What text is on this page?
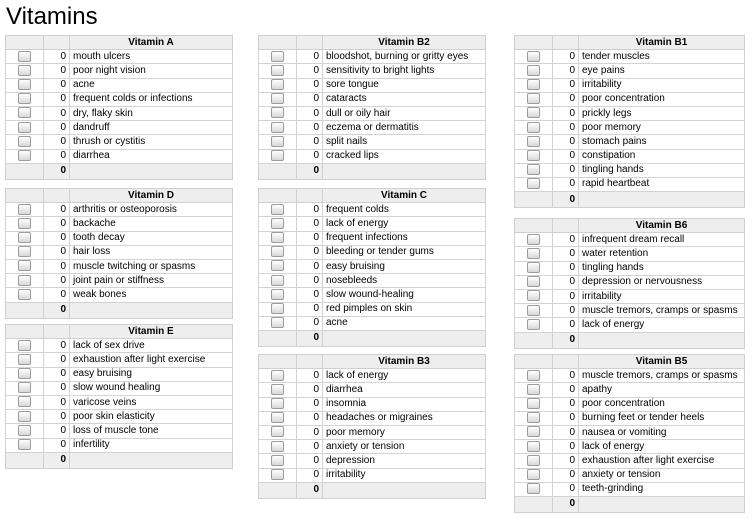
Vitamins
		Vitamin A
	0	mouth ulcers
	0	poor night vision
	0	acne
	0	frequent colds or infections
	0	dry, flaky skin
	0	dandruff
	0	thrush or cystitis
	0	diarrhea
	0	
		Vitamin D
	0	arthritis or osteoporosis
	0	backache
	0	tooth decay
	0	hair loss
	0	muscle twitching or spasms
	0	joint pain or stiffness
	0	weak bones
	0	
		Vitamin E
	0	lack of sex drive
	0	exhaustion after light exercise
	0	easy bruising
	0	slow wound healing
	0	varicose veins
	0	poor skin elasticity
	0	loss of muscle tone
	0	infertility
	0	
		Vitamin B2
	0	bloodshot, burning or gritty eyes
	0	sensitivity to bright lights
	0	sore tongue
	0	cataracts
	0	dull or oily hair
	0	eczema or dermatitis
	0	split nails
	0	cracked lips
	0	
		Vitamin C
	0	frequent colds
	0	lack of energy
	0	frequent infections
	0	bleeding or tender gums
	0	easy bruising
	0	nosebleeds
	0	slow wound-healing
	0	red pimples on skin
	0	acne
	0	
		Vitamin B3
	0	lack of energy
	0	diarrhea
	0	insomnia
	0	headaches or migraines
	0	poor memory
	0	anxiety or tension
	0	depression
	0	irritability
	0	
		Vitamin B1
	0	tender muscles
	0	eye pains
	0	irritability
	0	poor concentration
	0	prickly legs
	0	poor memory
	0	stomach pains
	0	constipation
	0	tingling hands
	0	rapid heartbeat
	0	
		Vitamin B6
	0	infrequent dream recall
	0	water retention
	0	tingling hands
	0	depression or nervousness
	0	irritability
	0	muscle tremors, cramps or spasms
	0	lack of energy
	0	
		Vitamin B5
	0	muscle tremors, cramps or spasms
	0	apathy
	0	poor concentration
	0	burning feet or tender heels
	0	nausea or vomiting
	0	lack of energy
	0	exhaustion after light exercise
	0	anxiety or tension
	0	teeth-grinding
	0	
